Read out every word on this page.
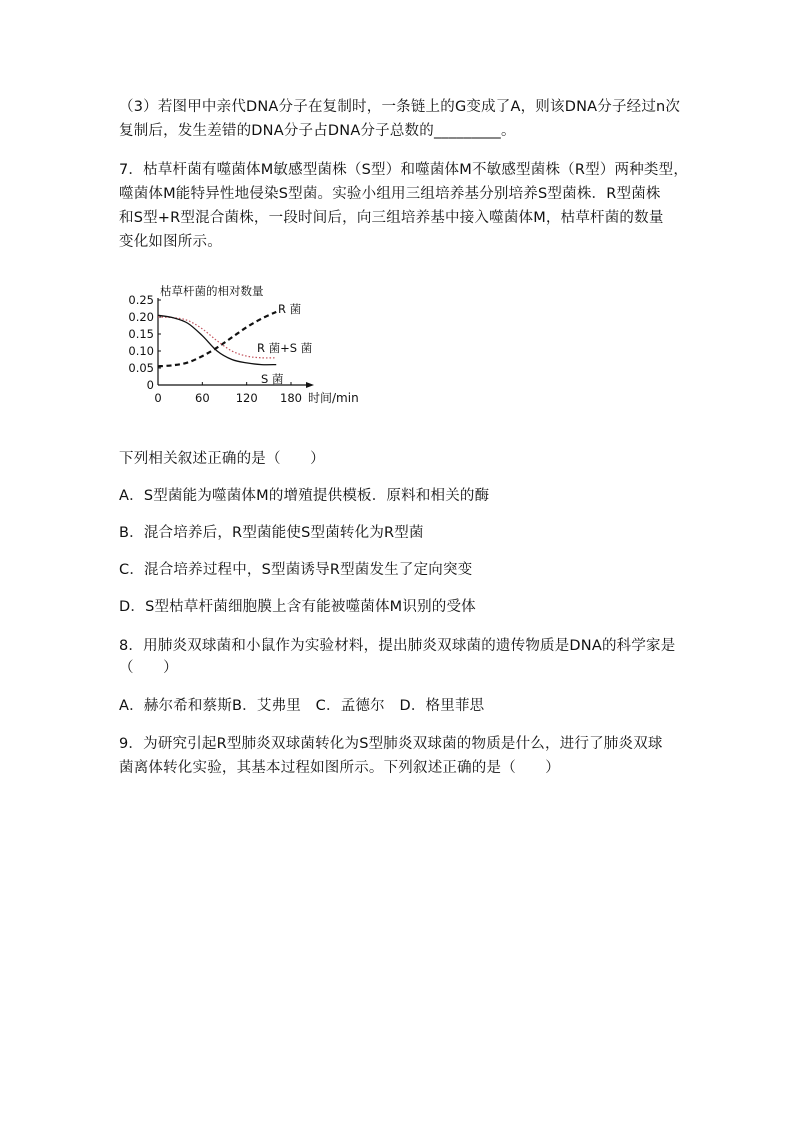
（3）若图甲中亲代DNA分子在复制时，一条链上的G变成了A，则该DNA分子经过n次
复制后，发生差错的DNA分子占DNA分子总数的_________。
7．枯草杆菌有噬菌体M敏感型菌株（S型）和噬菌体M不敏感型菌株（R型）两种类型，
噬菌体M能特异性地侵染S型菌。实验小组用三组培养基分别培养S型菌株．R型菌株
和S型+R型混合菌株，一段时间后，向三组培养基中接入噬菌体M，枯草杆菌的数量
变化如图所示。
枯草杆菌的相对数量
时间/min
0
0.05
0.10
0.15
0.20
0.25
0	60 120 180
R 菌
R 菌+S 菌
S 菌
下列相关叙述正确的是（　　）
A．S型菌能为噬菌体M的增殖提供模板．原料和相关的酶
B．混合培养后，R型菌能使S型菌转化为R型菌
C．混合培养过程中，S型菌诱导R型菌发生了定向突变
D．S型枯草杆菌细胞膜上含有能被噬菌体M识别的受体
8．用肺炎双球菌和小鼠作为实验材料，提出肺炎双球菌的遗传物质是DNA的科学家是
（　　）
A．赫尔希和蔡斯B．艾弗里　C．孟德尔　D．格里菲思
9．为研究引起R型肺炎双球菌转化为S型肺炎双球菌的物质是什么，进行了肺炎双球
菌离体转化实验，其基本过程如图所示。下列叙述正确的是（　　）
